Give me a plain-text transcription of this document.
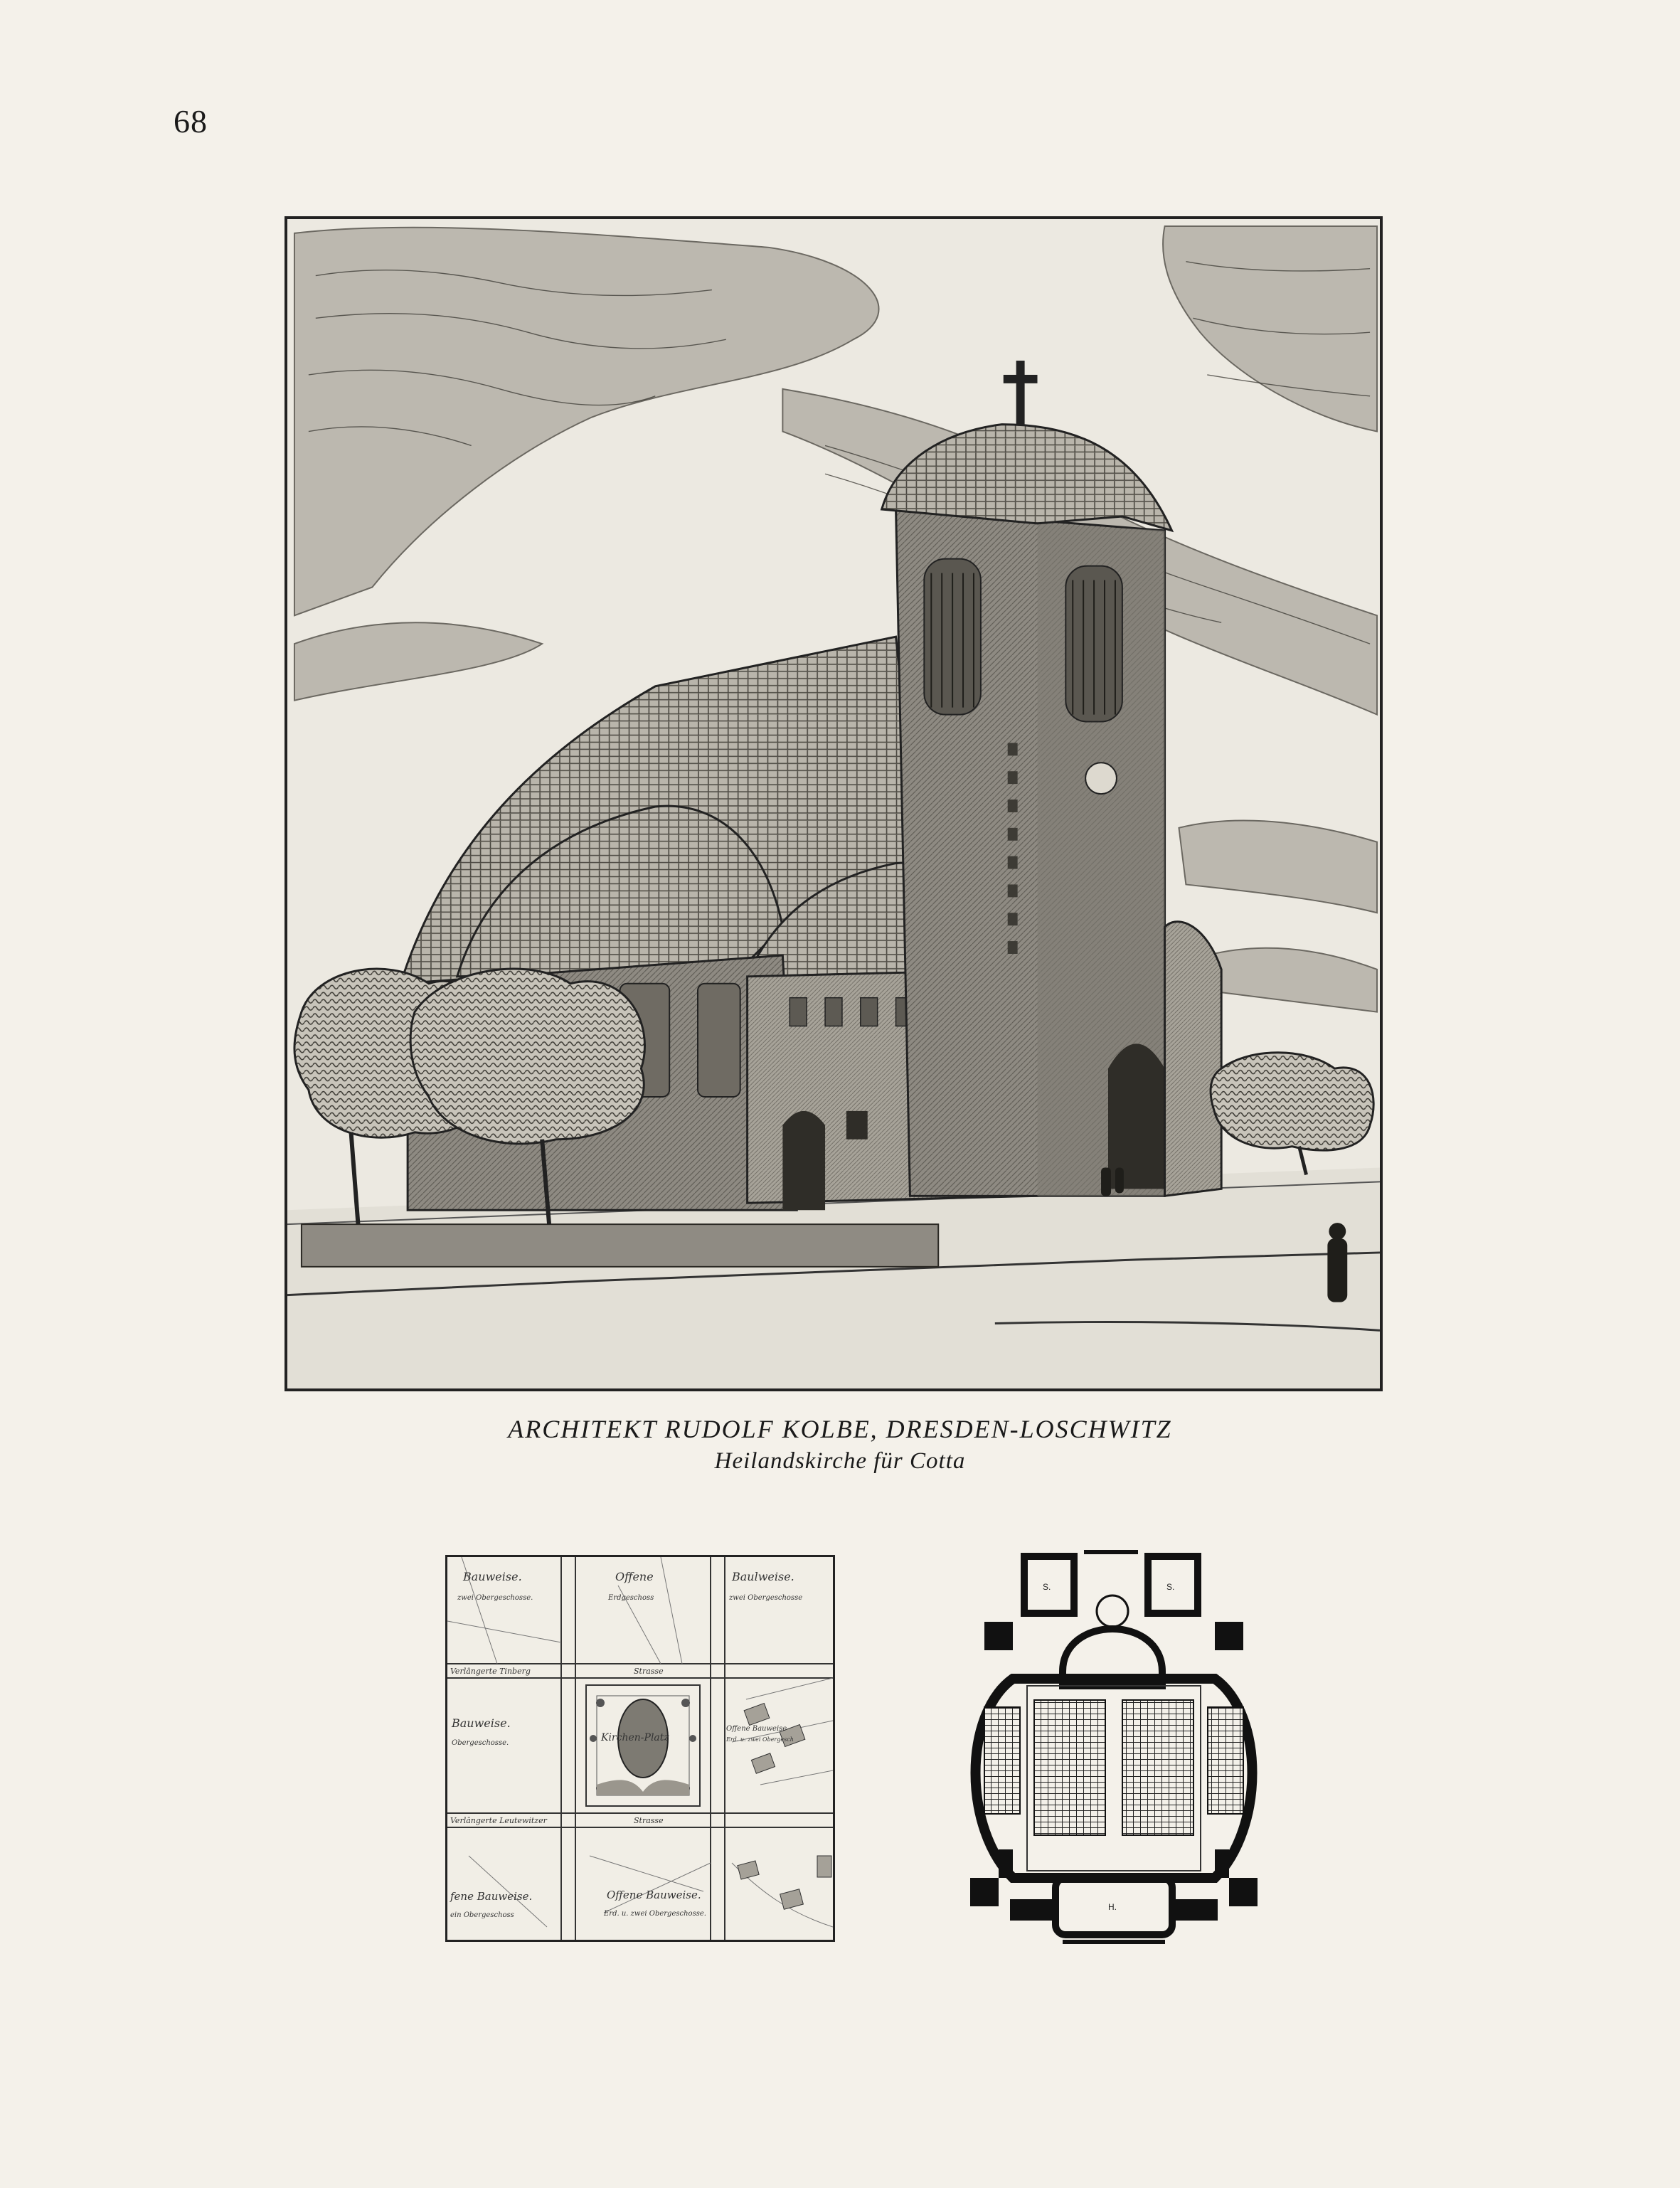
68
ARCHITEKT RUDOLF KOLBE, DRESDEN-LOSCHWITZ
Heilandskirche für Cotta
Bauweise.
zwei Obergeschosse.
Offene
Erdgeschoss
Baulweise.
zwei Obergeschosse
Verlängerte Tinberg	Strasse
Bauweise.
Obergeschosse.	Kirchen-Platz
Offene Bauweise
Erd. u. zwei Obergesch
Verlängerte Leutewitzer	Strasse
fene Bauweise.
ein Obergeschoss
Offene Bauweise.
Erd. u. zwei Obergeschosse.
S.	S.
H.
